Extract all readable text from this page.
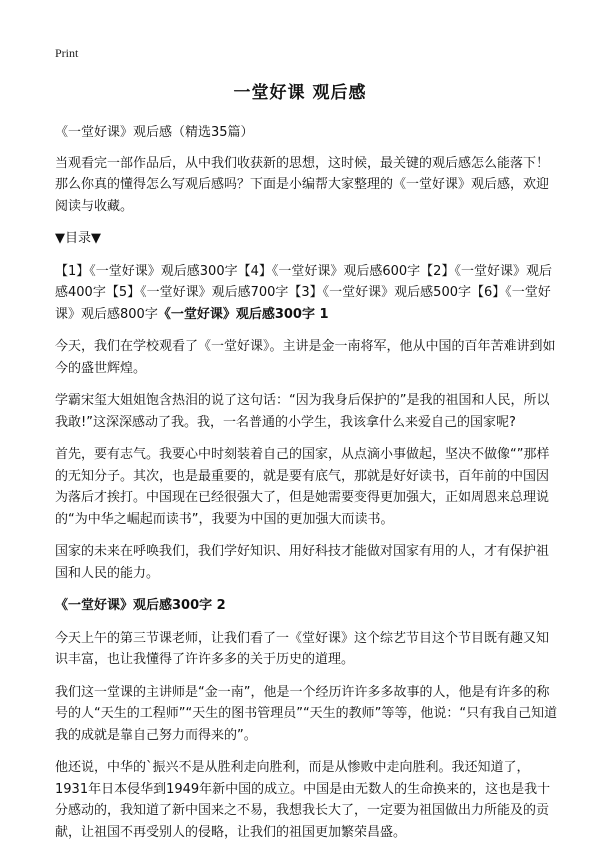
Print
一堂好课 观后感

《一堂好课》观后感（精选35篇）

当观看完一部作品后，从中我们收获新的思想，这时候，最关键的观后感怎么能落下！那么你真的懂得怎么写观后感吗？下面是小编帮大家整理的《一堂好课》观后感，欢迎阅读与收藏。

▼目录▼

【1】《一堂好课》观后感300字【4】《一堂好课》观后感600字【2】《一堂好课》观后感400字【5】《一堂好课》观后感700字【3】《一堂好课》观后感500字【6】《一堂好课》观后感800字《一堂好课》观后感300字 1

今天，我们在学校观看了《一堂好课》。主讲是金一南将军，他从中国的百年苦难讲到如今的盛世辉煌。

学霸宋玺大姐姐饱含热泪的说了这句话：“因为我身后保护的”是我的祖国和人民，所以我敢!”这深深感动了我。我，一名普通的小学生，我该拿什么来爱自己的国家呢?

首先，要有志气。我要心中时刻装着自己的国家，从点滴小事做起，坚决不做像“”那样的无知分子。其次，也是最重要的，就是要有底气，那就是好好读书，百年前的中国因为落后才挨打。中国现在已经很强大了，但是她需要变得更加强大，正如周恩来总理说的“为中华之崛起而读书”，我要为中国的更加强大而读书。

国家的未来在呼唤我们，我们学好知识、用好科技才能做对国家有用的人，才有保护祖国和人民的能力。

《一堂好课》观后感300字 2

今天上午的第三节课老师，让我们看了一《堂好课》这个综艺节目这个节目既有趣又知识丰富，也让我懂得了许许多多的关于历史的道理。

我们这一堂课的主讲师是“金一南”，他是一个经历许许多多故事的人，他是有许多的称号的人“天生的工程师”“天生的图书管理员”“天生的教师”等等，他说：“只有我自己知道我的成就是靠自己努力而得来的”。

他还说，中华的`振兴不是从胜利走向胜利，而是从惨败中走向胜利。我还知道了，1931年日本侵华到1949年新中国的成立。中国是由无数人的生命换来的，这也是我十分感动的，我知道了新中国来之不易，我想我长大了，一定要为祖国做出力所能及的贡献，让祖国不再受别人的侵略，让我们的祖国更加繁荣昌盛。
